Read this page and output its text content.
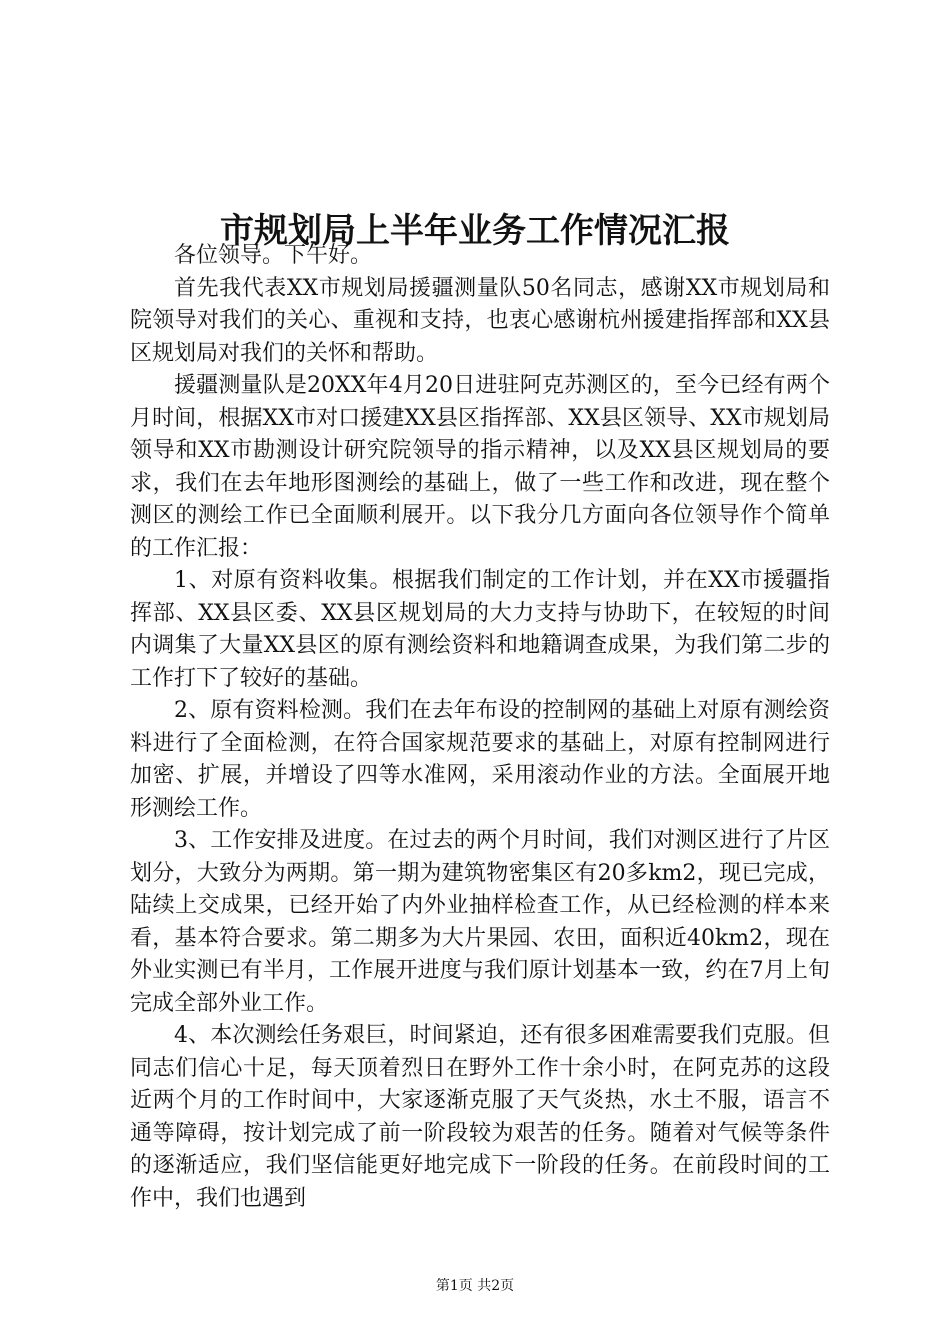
市规划局上半年业务工作情况汇报

各位领导。下午好。

首先我代表XX市规划局援疆测量队50名同志，感谢XX市规划局和院领导对我们的关心、重视和支持，也衷心感谢杭州援建指挥部和XX县区规划局对我们的关怀和帮助。

援疆测量队是20XX年4月20日进驻阿克苏测区的，至今已经有两个月时间，根据XX市对口援建XX县区指挥部、XX县区领导、XX市规划局领导和XX市勘测设计研究院领导的指示精神，以及XX县区规划局的要求，我们在去年地形图测绘的基础上，做了一些工作和改进，现在整个测区的测绘工作已全面顺利展开。以下我分几方面向各位领导作个简单的工作汇报：

1、对原有资料收集。根据我们制定的工作计划，并在XX市援疆指挥部、XX县区委、XX县区规划局的大力支持与协助下，在较短的时间内调集了大量XX县区的原有测绘资料和地籍调查成果，为我们第二步的工作打下了较好的基础。

2、原有资料检测。我们在去年布设的控制网的基础上对原有测绘资料进行了全面检测，在符合国家规范要求的基础上，对原有控制网进行加密、扩展，并增设了四等水准网，采用滚动作业的方法。全面展开地形测绘工作。

3、工作安排及进度。在过去的两个月时间，我们对测区进行了片区划分，大致分为两期。第一期为建筑物密集区有20多km2，现已完成，陆续上交成果，已经开始了内外业抽样检查工作，从已经检测的样本来看，基本符合要求。第二期多为大片果园、农田，面积近40km2，现在外业实测已有半月，工作展开进度与我们原计划基本一致，约在7月上旬完成全部外业工作。

4、本次测绘任务艰巨，时间紧迫，还有很多困难需要我们克服。但同志们信心十足，每天顶着烈日在野外工作十余小时，在阿克苏的这段近两个月的工作时间中，大家逐渐克服了天气炎热，水土不服，语言不通等障碍，按计划完成了前一阶段较为艰苦的任务。随着对气候等条件的逐渐适应，我们坚信能更好地完成下一阶段的任务。在前段时间的工作中，我们也遇到

第1页 共2页
